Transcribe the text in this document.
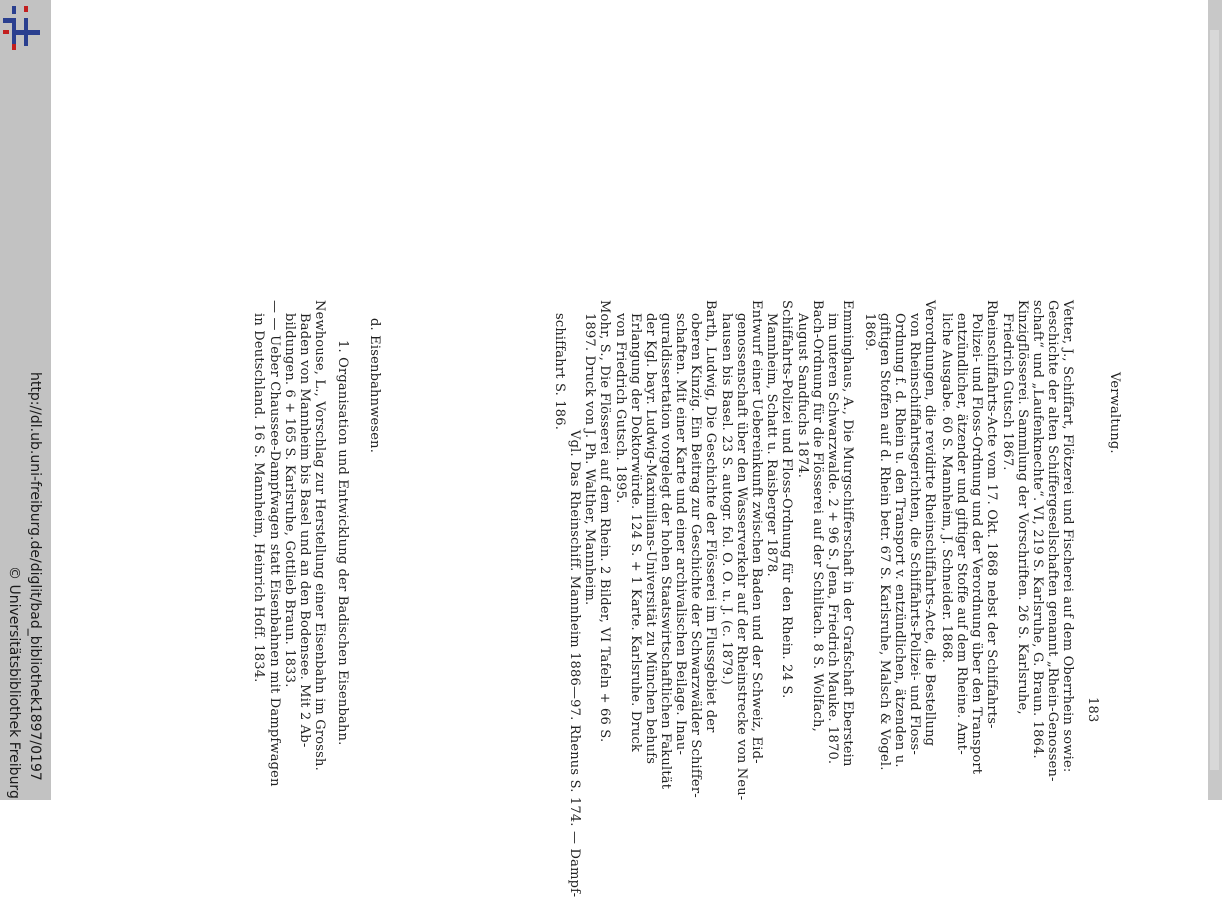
http://dl.ub.uni-freiburg.de/diglit/bad_bibliothek1897/0197
© Universitätsbibliothek Freiburg
Verwaltung.
183
Vetter, J., Schiffart, Flötzerei und Fischerei auf dem Oberrhein sowie:
Geschichte der alten Schiffergesellschaften genannt „Rhein-Genossen-
schaft“ und „Laufenknechte“. VI, 219 S. Karlsruhe, G. Braun. 1864.
Kinzigflösserei. Sammlung der Vorschriften. 26 S. Karlsruhe,
Friedrich Gutsch 1867.
Rheinschiffahrts-Acte vom 17. Okt. 1868 nebst der Schiffahrts-
Polizei- und Floss-Ordnung und der Verordnung über den Transport
entzündlicher, ätzender und giftiger Stoffe auf dem Rheine. Amt-
liche Ausgabe. 60 S. Mannheim, J. Schneider. 1868.
Verordnungen, die revidirte Rheinschiffahrts-Acte, die Bestellung
von Rheinschiffahrtsgerichten, die Schiffahrts-Polizei- und Floss-
Ordnung f. d. Rhein u. den Transport v. entzündlichen, ätzenden u.
giftigen Stoffen auf d. Rhein betr. 67 S. Karlsruhe, Malsch & Vogel.
1869.
Emminghaus, A., Die Murgschifferschaft in der Grafschaft Eberstein
im unteren Schwarzwalde. 2 + 96 S. Jena, Friedrich Mauke. 1870.
Bach-Ordnung für die Flösserei auf der Schiltach. 8 S. Wolfach,
August Sandfuchs 1874.
Schiffahrts-Polizei und Floss-Ordnung für den Rhein. 24 S.
Mannheim, Schatt u. Raisberger 1878.
Entwurf einer Uebereinkunft zwischen Baden und der Schweiz, Eid-
genossenschaft über den Wasserverkehr auf der Rheinstrecke von Neu-
hausen bis Basel. 23 S. autogr. fol. O. O. u. J. (c. 1879.)
Barth, Ludwig, Die Geschichte der Flösserei im Flussgebiet der
oberen Kinzig. Ein Beitrag zur Geschichte der Schwarzwälder Schiffer-
schaften. Mit einer Karte und einer archivalischen Beilage. Inau-
guraldissertation vorgelegt der hohen Staatswirtschaftlichen Fakultät
der Kgl. bayr. Ludwig-Maximilians-Universität zu München behufs
Erlangung der Doktorwürde. 124 S. + 1 Karte. Karlsruhe. Druck
von Friedrich Gutsch. 1895.
Mohr, S., Die Flösserei auf dem Rhein. 2 Bilder, VI Tafeln + 66 S.
1897. Druck von J. Ph. Walther, Mannheim.
Vgl. Das Rheinschiff. Mannheim 1886—97. Rhenus S. 174. — Dampf-
schiffahrt S. 186.
d. Eisenbahnwesen.
1. Organisation und Entwicklung der Badischen Eisenbahn.
Newhouse, L., Vorschlag zur Herstellung einer Eisenbahn im Grossh.
Baden von Mannheim bis Basel und an den Bodensee. Mit 2 Ab-
bildungen. 6 + 165 S. Karlsruhe, Gottlieb Braun. 1833.
— — Ueber Chaussee-Dampfwagen statt Eisenbahnen mit Dampfwagen
in Deutschland. 16 S. Mannheim, Heinrich Hoff. 1834.
